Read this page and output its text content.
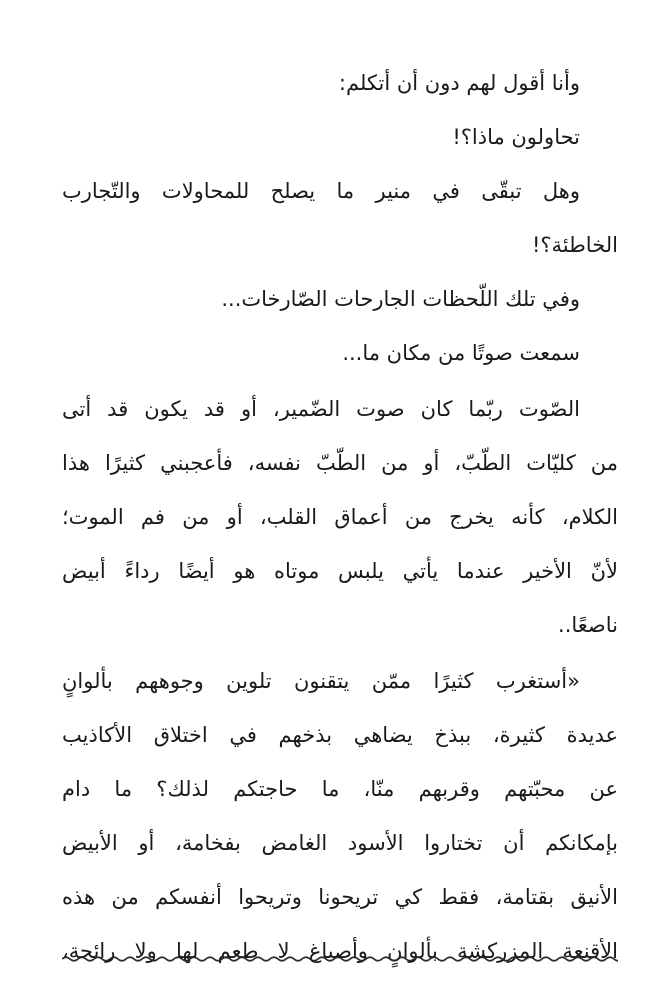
وأنا أقول لهم دون أن أتكلم:
تحاولون ماذا؟!
وهل تبقّى في منير ما يصلح للمحاولات والتّجارب
الخاطئة؟!
وفي تلك اللّحظات الجارحات الصّارخات...
سمعت صوتًا من مكان ما...
الصّوت ربّما كان صوت الضّمير، أو قد يكون قد أتى
من كليّات الطّبّ، أو من الطّبّ نفسه، فأعجبني كثيرًا هذا
الكلام، كأنه يخرج من أعماق القلب، أو من فم الموت؛
لأنّ الأخير عندما يأتي يلبس موتاه هو أيضًا رداءً أبيض
ناصعًا..
«أستغرب كثيرًا ممّن يتقنون تلوين وجوههم بألوانٍ
عديدة كثيرة، ببذخ يضاهي بذخهم في اختلاق الأكاذيب
عن محبّتهم وقربهم منّا، ما حاجتكم لذلك؟ ما دام
بإمكانكم أن تختاروا الأسود الغامض بفخامة، أو الأبيض
الأنيق بقتامة، فقط كي تريحونا وتريحوا أنفسكم من هذه
الأقنعة المزركشة بألوانٍ وأصباغ لا طعم لها ولا رائحة،
